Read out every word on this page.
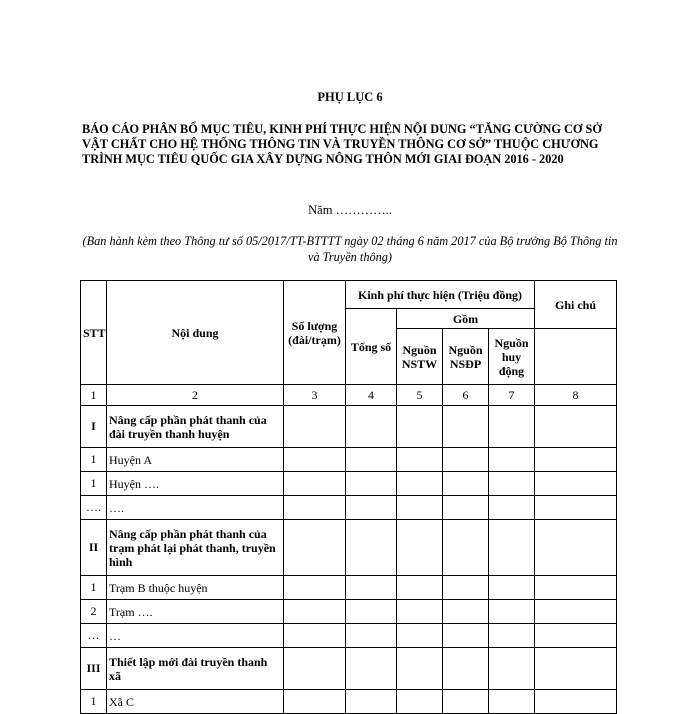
PHỤ LỤC 6
BÁO CÁO PHÂN BỔ MỤC TIÊU, KINH PHÍ THỰC HIỆN NỘI DUNG “TĂNG CƯỜNG CƠ SỞ VẬT CHẤT CHO HỆ THỐNG THÔNG TIN VÀ TRUYỀN THÔNG CƠ SỞ” THUỘC CHƯƠNG TRÌNH MỤC TIÊU QUỐC GIA XÂY DỰNG NÔNG THÔN MỚI GIAI ĐOẠN 2016 - 2020
Năm …………..
(Ban hành kèm theo Thông tư số 05/2017/TT-BTTTT ngày 02 tháng 6 năm 2017 của Bộ trưởng Bộ Thông tin và Truyền thông)
STT	Nội dung	Số lượng (đài/trạm)	Kinh phí thực hiện (Triệu đồng)				Ghi chú
			Tổng số	Gồm			
				Nguồn NSTW	Nguồn NSĐP	Nguồn huy động	
1	2	3	4	5	6	7	8
I	Nâng cấp phần phát thanh của đài truyền thanh huyện						
1	Huyện A						
1	Huyện ….						
….	….						
II	Nâng cấp phần phát thanh của trạm phát lại phát thanh, truyền hình						
1	Trạm B thuộc huyện						
2	Trạm ….						
…	…						
III	Thiết lập mới đài truyền thanh xã						
1	Xã C						
